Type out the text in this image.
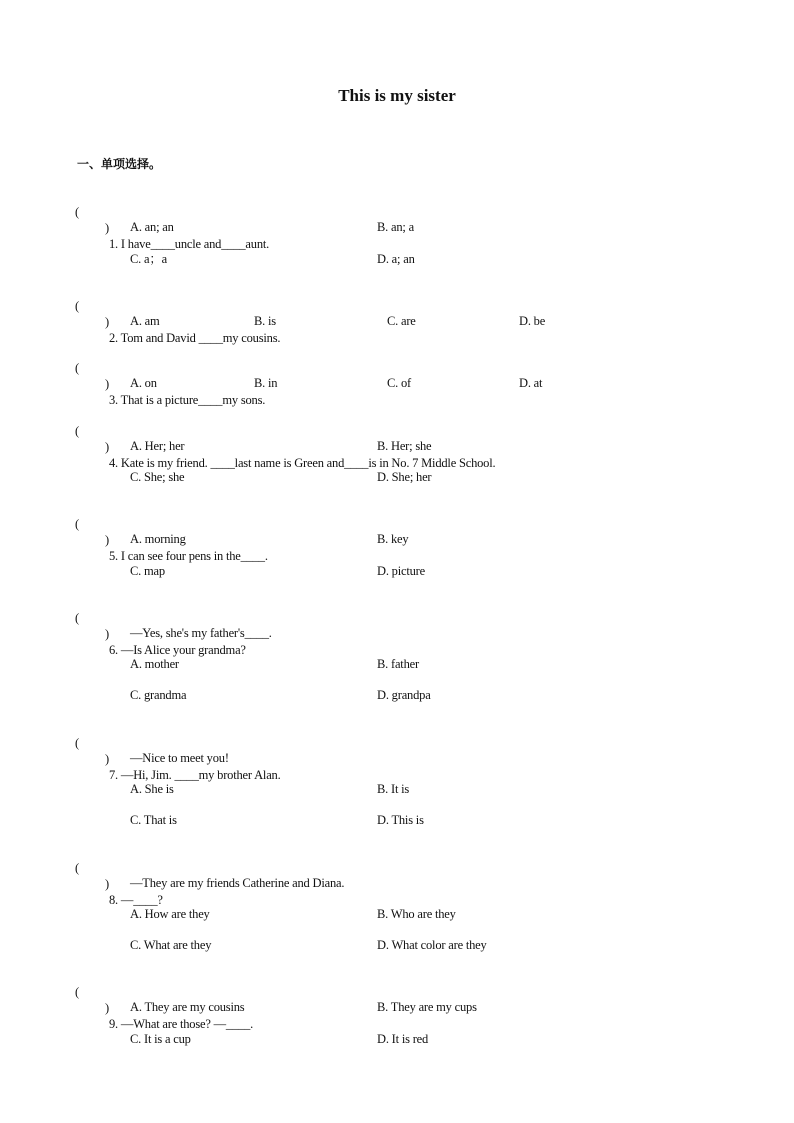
This is my sister
一、单项选择。

(

)

1. I have____uncle and____aunt.

A. an; an	B. an; a
C. a；a	D. a; an

(

)

2. Tom and David ____my cousins.

A. am	B. is	C. are	D. be

(

)

3. That is a picture____my sons.

A. on	B. in	C. of	D. at

(

)

4. Kate is my friend. ____last name is Green and____is in No. 7 Middle School.

A. Her; her	B. Her; she
C. She; she	D. She; her

(

)

5. I can see four pens in the____.

A. morning	B. key
C. map	D. picture

(

)

6. —Is Alice your grandma?

—Yes, she's my father's____.
A. mother	B. father
C. grandma	D. grandpa

(

)

7. —Hi, Jim. ____my brother Alan.

—Nice to meet you!
A. She is	B. It is
C. That is	D. This is

(

)

8. —____?

—They are my friends Catherine and Diana.
A. How are they	B. Who are they
C. What are they	D. What color are they

(

)

9. —What are those? —____.

A. They are my cousins	B. They are my cups
C. It is a cup	D. It is red
